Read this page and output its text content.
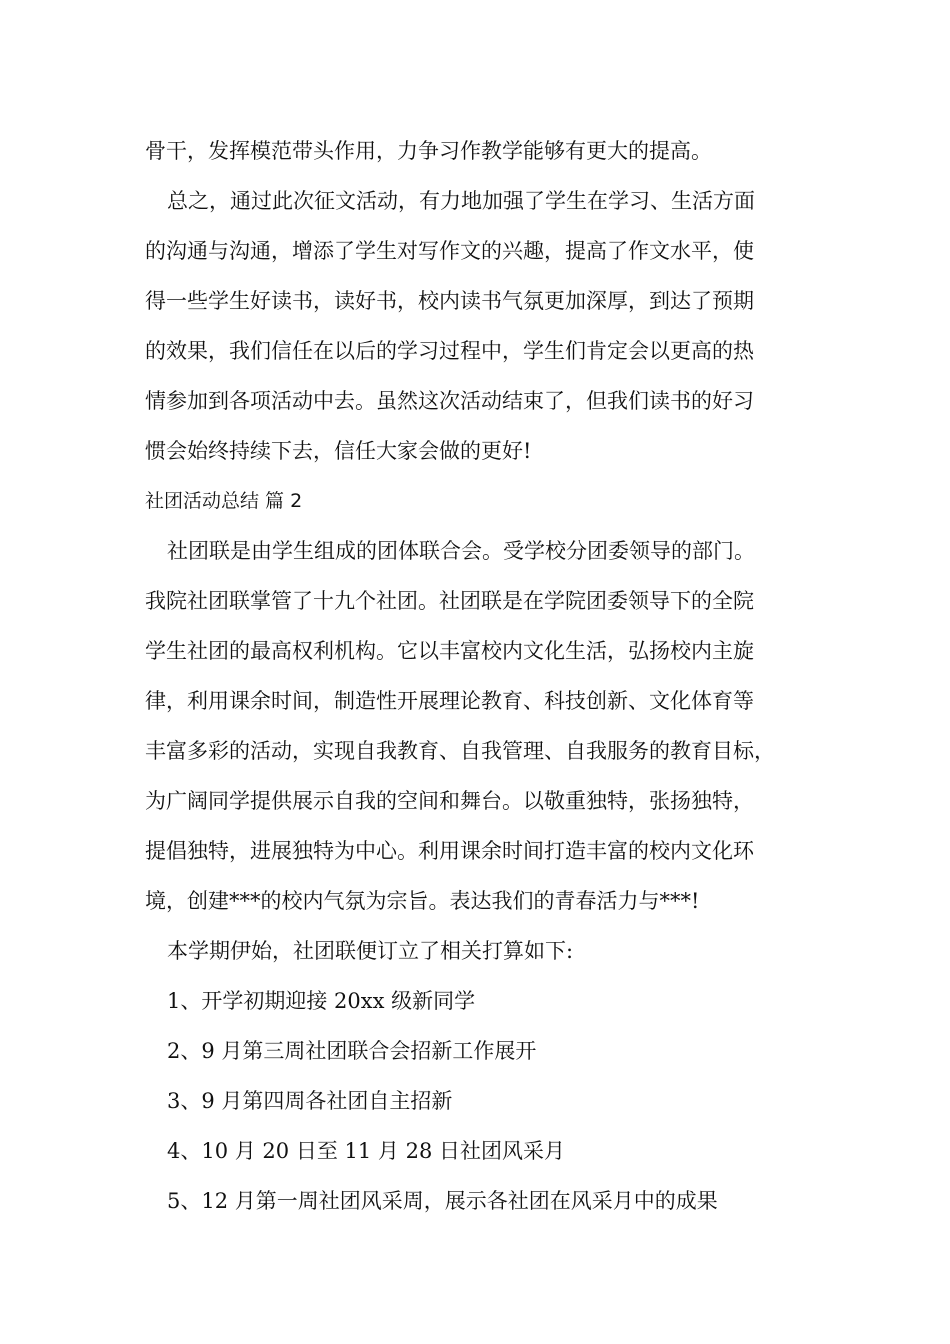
骨干，发挥模范带头作用，力争习作教学能够有更大的提高。

总之，通过此次征文活动，有力地加强了学生在学习、生活方面

的沟通与沟通，增添了学生对写作文的兴趣，提高了作文水平，使

得一些学生好读书，读好书，校内读书气氛更加深厚，到达了预期

的效果，我们信任在以后的学习过程中，学生们肯定会以更高的热

情参加到各项活动中去。虽然这次活动结束了，但我们读书的好习

惯会始终持续下去，信任大家会做的更好!

社团活动总结 篇 2

社团联是由学生组成的团体联合会。受学校分团委领导的部门。

我院社团联掌管了十九个社团。社团联是在学院团委领导下的全院

学生社团的最高权利机构。它以丰富校内文化生活，弘扬校内主旋

律，利用课余时间，制造性开展理论教育、科技创新、文化体育等

丰富多彩的活动，实现自我教育、自我管理、自我服务的教育目标，

为广阔同学提供展示自我的空间和舞台。以敬重独特，张扬独特，

提倡独特，进展独特为中心。利用课余时间打造丰富的校内文化环

境，创建***的校内气氛为宗旨。表达我们的青春活力与***!

本学期伊始，社团联便订立了相关打算如下:

1、开学初期迎接 20xx 级新同学

2、9 月第三周社团联合会招新工作展开

3、9 月第四周各社团自主招新

4、10 月 20 日至 11 月 28 日社团风采月

5、12 月第一周社团风采周，展示各社团在风采月中的成果
